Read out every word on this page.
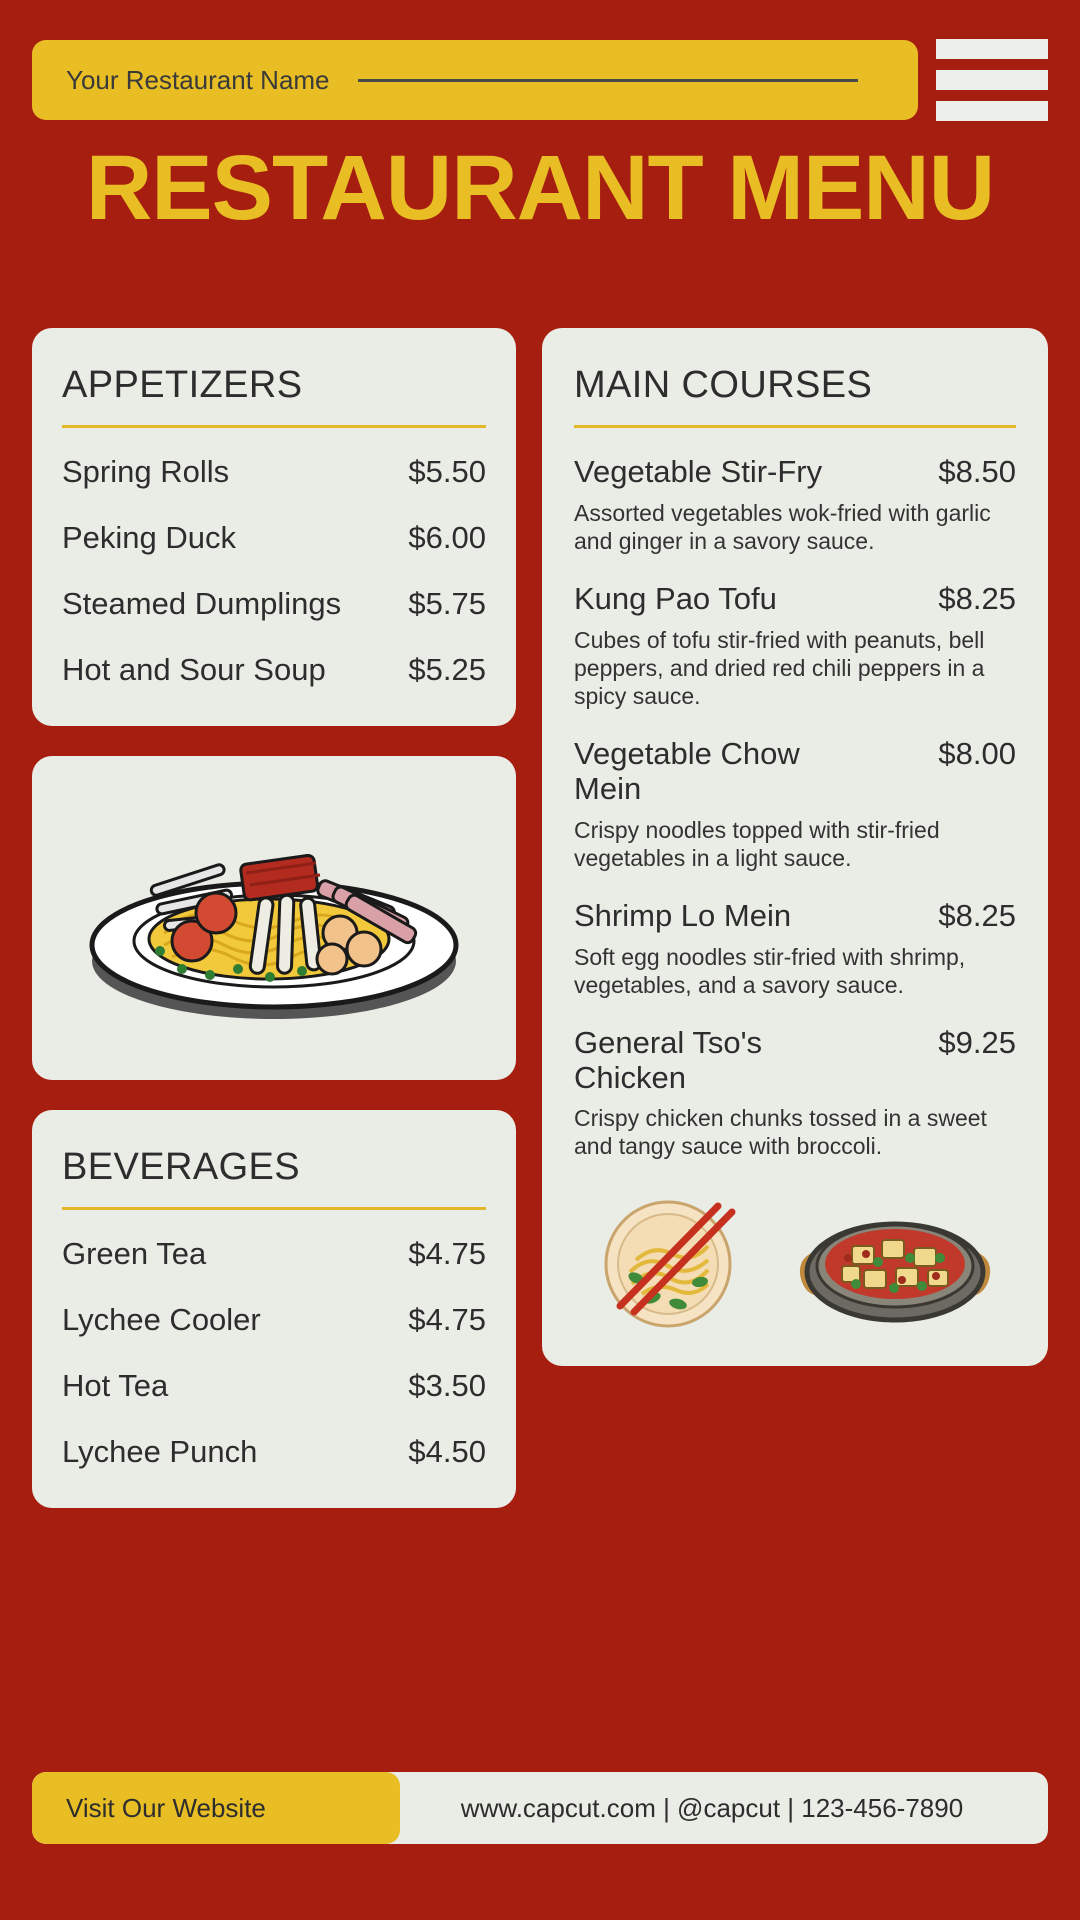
Your Restaurant Name
RESTAURANT MENU
APPETIZERS
Spring Rolls	$5.50
Peking Duck	$6.00
Steamed Dumplings $5.75
Hot and Sour Soup	$5.25
BEVERAGES
Green Tea	$4.75
Lychee Cooler	$4.75
Hot Tea	$3.50
Lychee Punch	$4.50
MAIN COURSES
Vegetable Stir-Fry	$8.50
Assorted vegetables wok-fried with garlic and ginger in a savory sauce.
Kung Pao Tofu	$8.25
Cubes of tofu stir-fried with peanuts, bell peppers, and dried red chili peppers in a spicy sauce.
Vegetable Chow Mein
$8.00
Crispy noodles topped with stir-fried vegetables in a light sauce.
Shrimp Lo Mein	$8.25
Soft egg noodles stir-fried with shrimp, vegetables, and a savory sauce.
General Tso's Chicken
$9.25
Crispy chicken chunks tossed in a sweet and tangy sauce with broccoli.
Visit Our Website	www.capcut.com | @capcut | 123-456-7890
